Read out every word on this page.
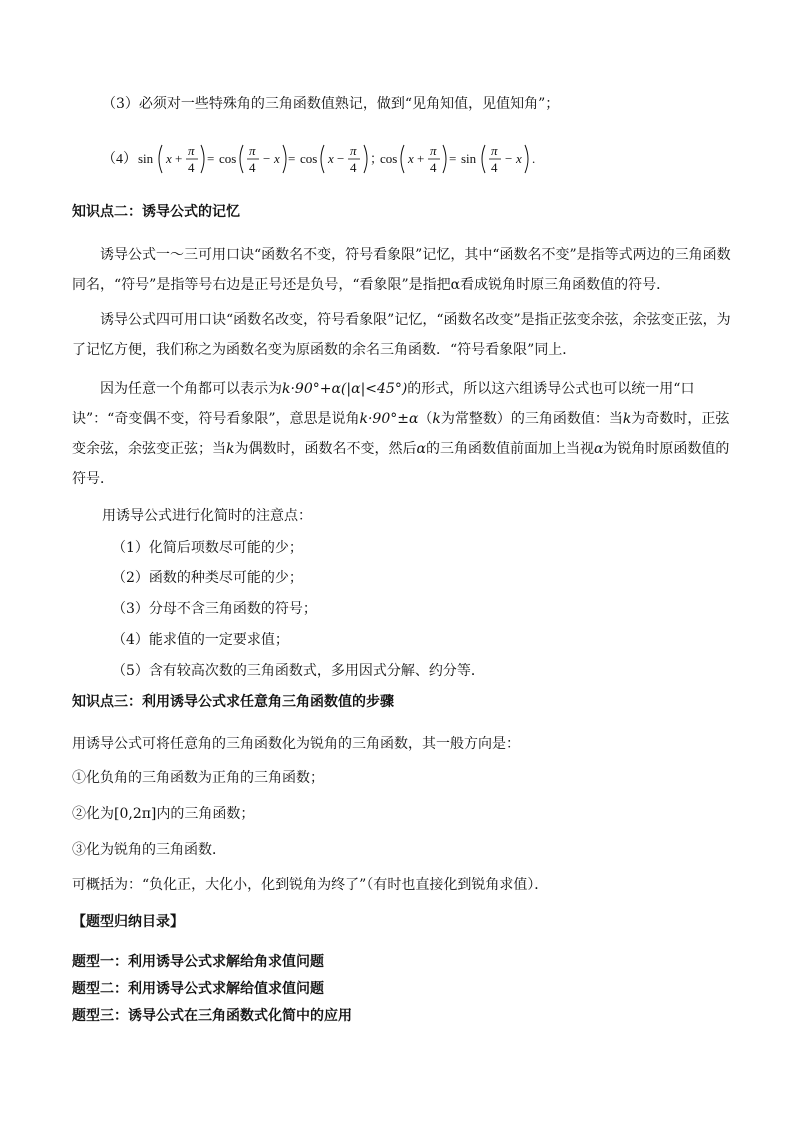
（3）必须对一些特殊角的三角函数值熟记，做到“见角知值，见值知角”；
（4） sin x +
π
4
= cos
π
4
− x = cos x −
π
4
；
cos x +
π
4
= sin
π
4
− x .
知识点二：诱导公式的记忆
诱导公式一～三可用口诀“函数名不变，符号看象限”记忆，其中“函数名不变”是指等式两边的三角函数同名，“符号”是指等号右边是正号还是负号，“看象限”是指把α看成锐角时原三角函数值的符号．
诱导公式四可用口诀“函数名改变，符号看象限”记忆，“函数名改变”是指正弦变余弦，余弦变正弦，为了记忆方便，我们称之为函数名变为原函数的余名三角函数．“符号看象限”同上．
因为任意一个角都可以表示为k·90°+α(|α|<45°)的形式，所以这六组诱导公式也可以统一用“口诀”：“奇变偶不变，符号看象限”，意思是说角k·90°±α（k为常整数）的三角函数值：当k为奇数时，正弦变余弦，余弦变正弦；当k为偶数时，函数名不变，然后α的三角函数值前面加上当视α为锐角时原函数值的符号．
用诱导公式进行化简时的注意点：
（1）化简后项数尽可能的少；
（2）函数的种类尽可能的少；
（3）分母不含三角函数的符号；
（4）能求值的一定要求值；
（5）含有较高次数的三角函数式，多用因式分解、约分等．
知识点三：利用诱导公式求任意角三角函数值的步骤
用诱导公式可将任意角的三角函数化为锐角的三角函数，其一般方向是：
①化负角的三角函数为正角的三角函数；
②化为[0,2π]内的三角函数；
③化为锐角的三角函数．
可概括为：“负化正，大化小，化到锐角为终了”（有时也直接化到锐角求值）．
【题型归纳目录】
题型一：利用诱导公式求解给角求值问题
题型二：利用诱导公式求解给值求值问题
题型三：诱导公式在三角函数式化简中的应用
